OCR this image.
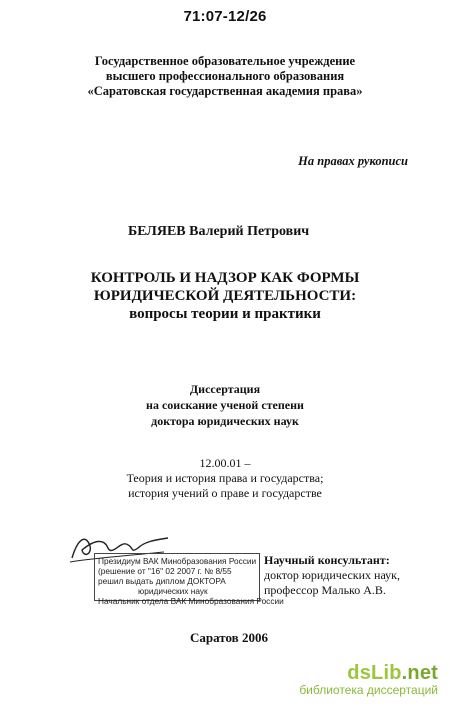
71:07-12/26
Государственное образовательное учреждение
высшего профессионального образования
«Саратовская государственная академия права»
На правах рукописи
БЕЛЯЕВ Валерий Петрович
КОНТРОЛЬ И НАДЗОР КАК ФОРМЫ
ЮРИДИЧЕСКОЙ ДЕЯТЕЛЬНОСТИ:
вопросы теории и практики
Диссертация
на соискание ученой степени
доктора юридических наук
12.00.01 –
Теория и история права и государства;
история учений о праве и государстве
Президиум ВАК Минобразования России
(решение от "16" 02 2007 г. № 8/55
решил выдать диплом ДОКТОРА
юридических наук
Начальник отдела ВАК Минобразования России
Научный консультант:
доктор юридических наук,
профессор Малько А.В.
Саратов 2006
dsLib.net
библиотека диссертаций
